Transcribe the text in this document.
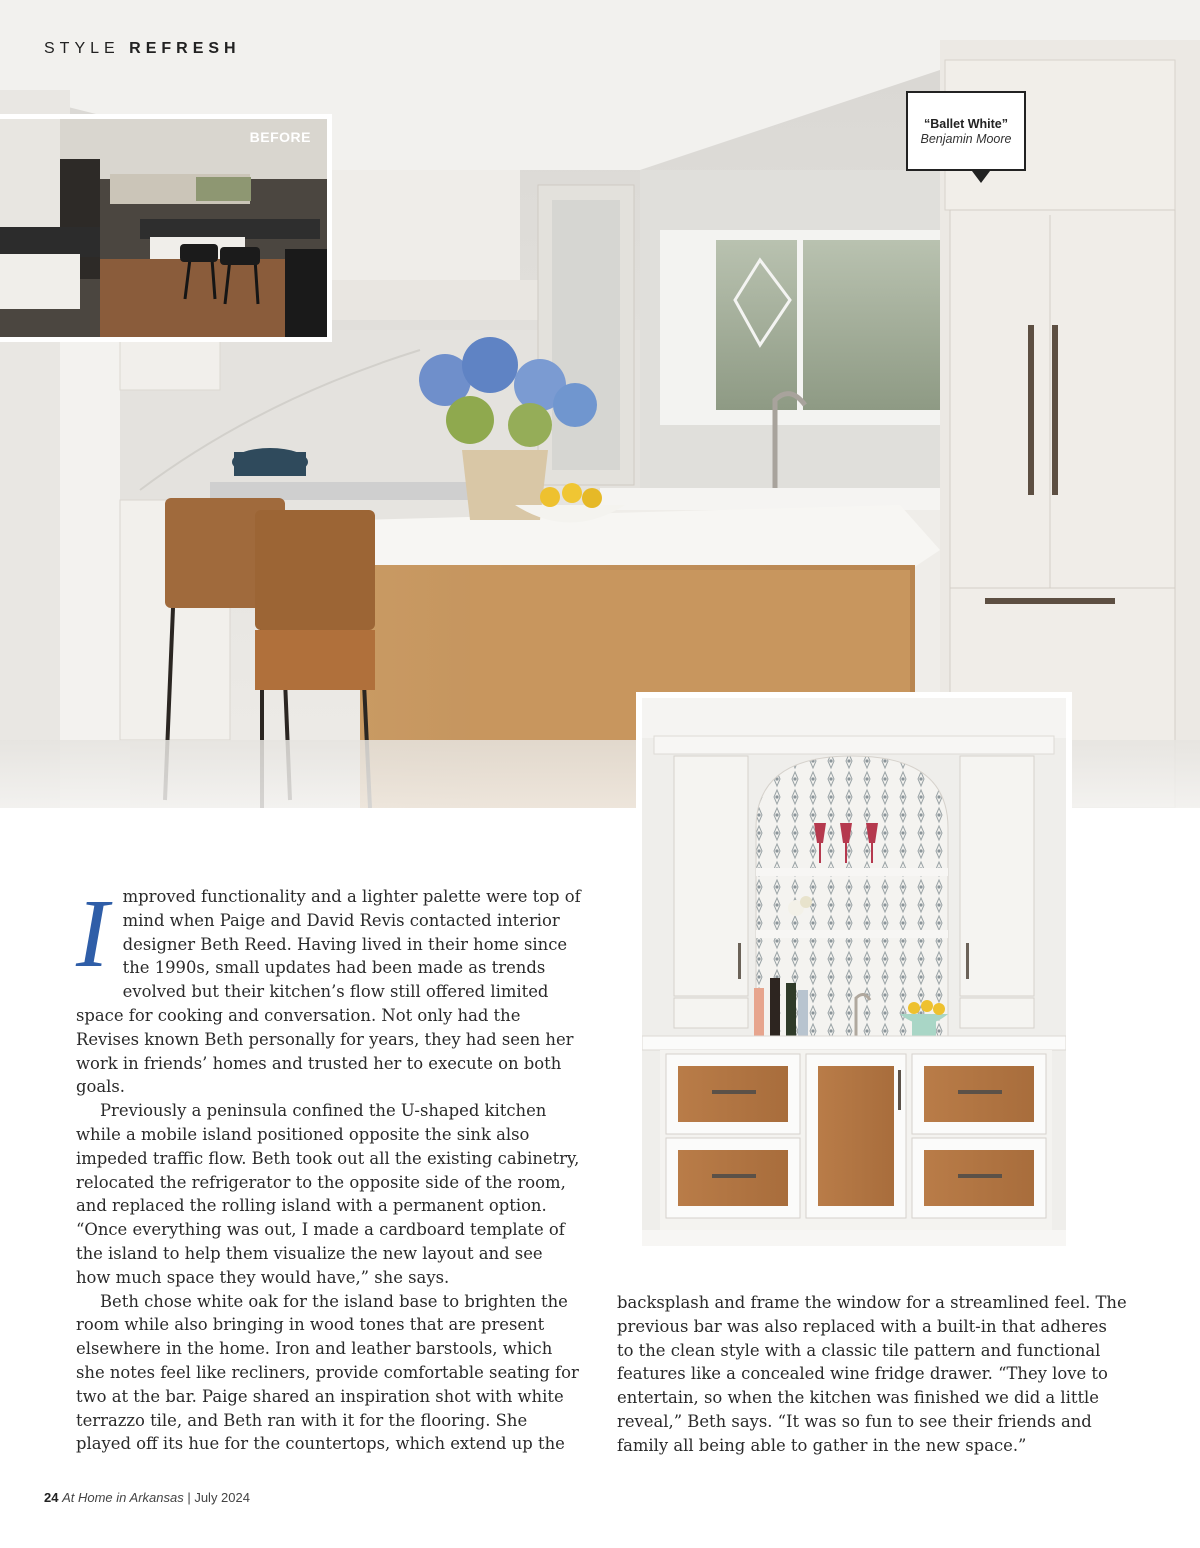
STYLE REFRESH
BEFORE
“Ballet White”
Benjamin Moore
I mproved functionality and a lighter palette were top of mind when Paige and David Revis contacted interior designer Beth Reed. Having lived in their home since the 1990s, small updates had been made as trends evolved but their kitchen’s flow still offered limited space for cooking and conversation. Not only had the Revises known Beth personally for years, they had seen her work in friends’ homes and trusted her to execute on both goals.

Previously a peninsula confined the U-shaped kitchen while a mobile island positioned opposite the sink also impeded traffic flow. Beth took out all the existing cabinetry, relocated the refrigerator to the opposite side of the room, and replaced the rolling island with a permanent option. “Once everything was out, I made a cardboard template of the island to help them visualize the new layout and see how much space they would have,” she says.

Beth chose white oak for the island base to brighten the room while also bringing in wood tones that are present elsewhere in the home. Iron and leather barstools, which she notes feel like recliners, provide comfortable seating for two at the bar. Paige shared an inspiration shot with white terrazzo tile, and Beth ran with it for the flooring. She played off its hue for the countertops, which extend up the

backsplash and frame the window for a streamlined feel. The previous bar was also replaced with a built-in that adheres to the clean style with a classic tile pattern and functional features like a concealed wine fridge drawer. “They love to entertain, so when the kitchen was finished we did a little reveal,” Beth says. “It was so fun to see their friends and family all being able to gather in the new space.”

24 At Home in Arkansas | July 2024
